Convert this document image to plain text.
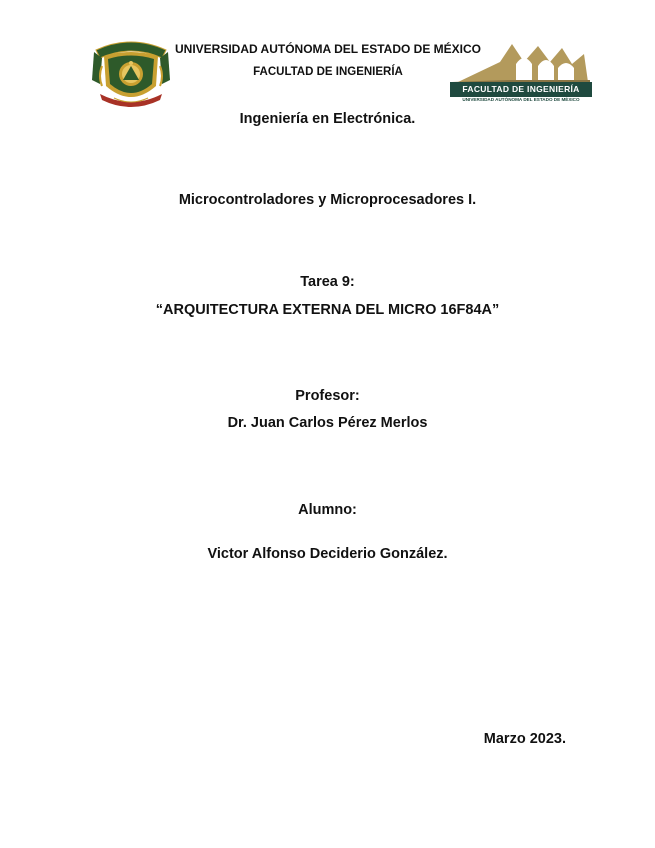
UNIVERSIDAD AUTÓNOMA DEL ESTADO DE MÉXICO
FACULTAD DE INGENIERÍA
FACULTAD DE INGENIERÍA
UNIVERSIDAD AUTÓNOMA DEL ESTADO DE MÉXICO
Ingeniería en Electrónica.
Microcontroladores y Microprocesadores I.
Tarea 9:
“ARQUITECTURA EXTERNA DEL MICRO 16F84A”
Profesor:
Dr. Juan Carlos Pérez Merlos
Alumno:
Victor Alfonso Deciderio González.
Marzo 2023.
